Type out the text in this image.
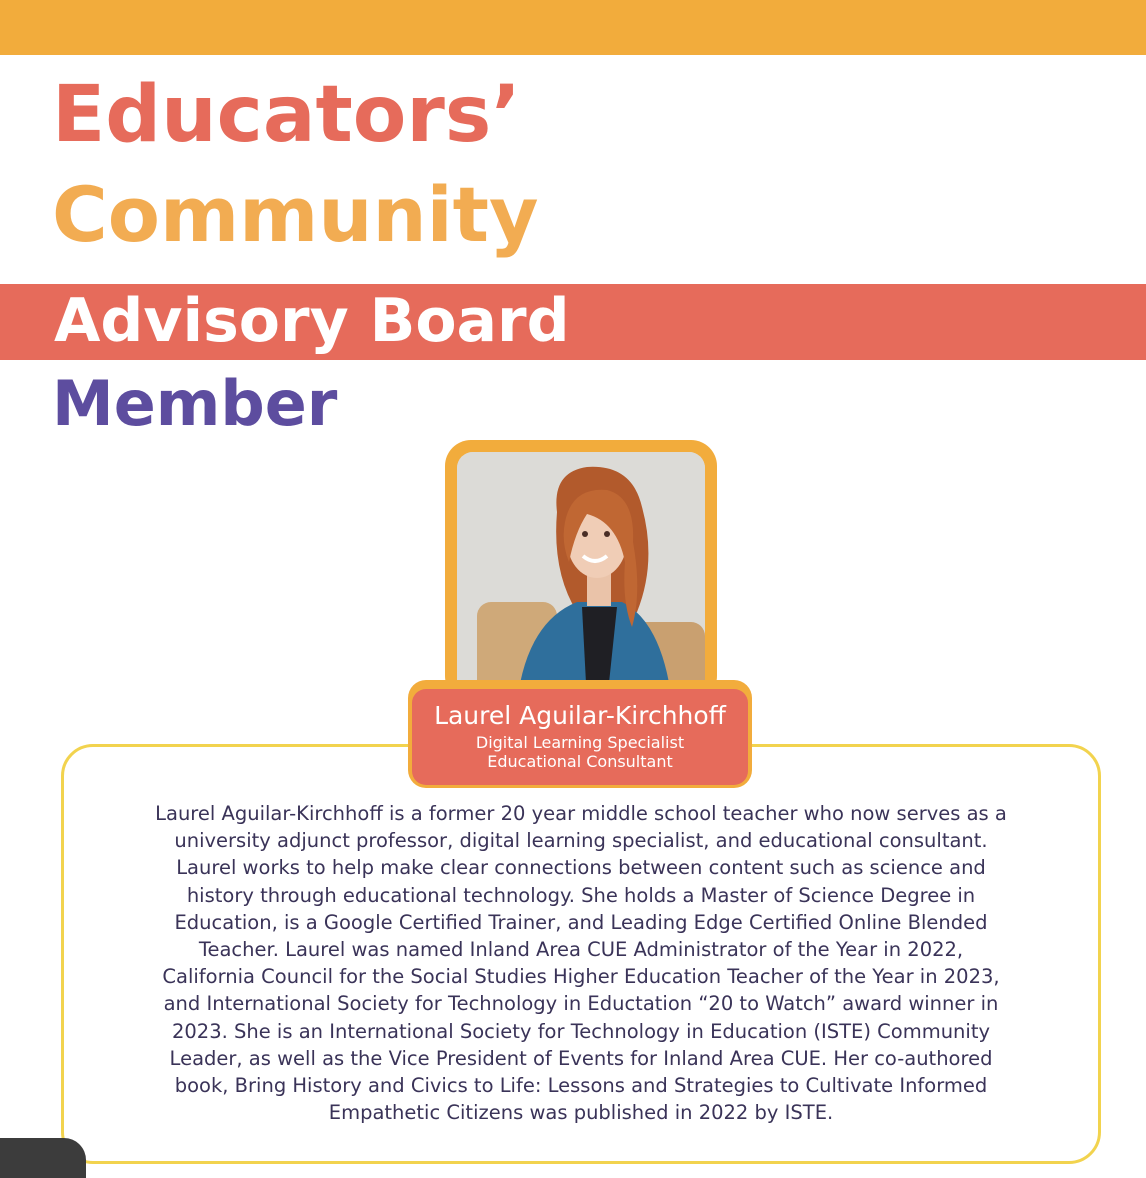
Educators’
Community
Advisory Board
Member
Laurel Aguilar-Kirchhoff
Digital Learning Specialist
Educational Consultant
Laurel Aguilar-Kirchhoff is a former 20 year middle school teacher who now serves as a
university adjunct professor, digital learning specialist, and educational consultant.
Laurel works to help make clear connections between content such as science and
history through educational technology. She holds a Master of Science Degree in
Education, is a Google Certified Trainer, and Leading Edge Certified Online Blended
Teacher. Laurel was named Inland Area CUE Administrator of the Year in 2022,
California Council for the Social Studies Higher Education Teacher of the Year in 2023,
and International Society for Technology in Eductation “20 to Watch” award winner in
2023. She is an International Society for Technology in Education (ISTE) Community
Leader, as well as the Vice President of Events for Inland Area CUE. Her co-authored
book, Bring History and Civics to Life: Lessons and Strategies to Cultivate Informed
Empathetic Citizens was published in 2022 by ISTE.
